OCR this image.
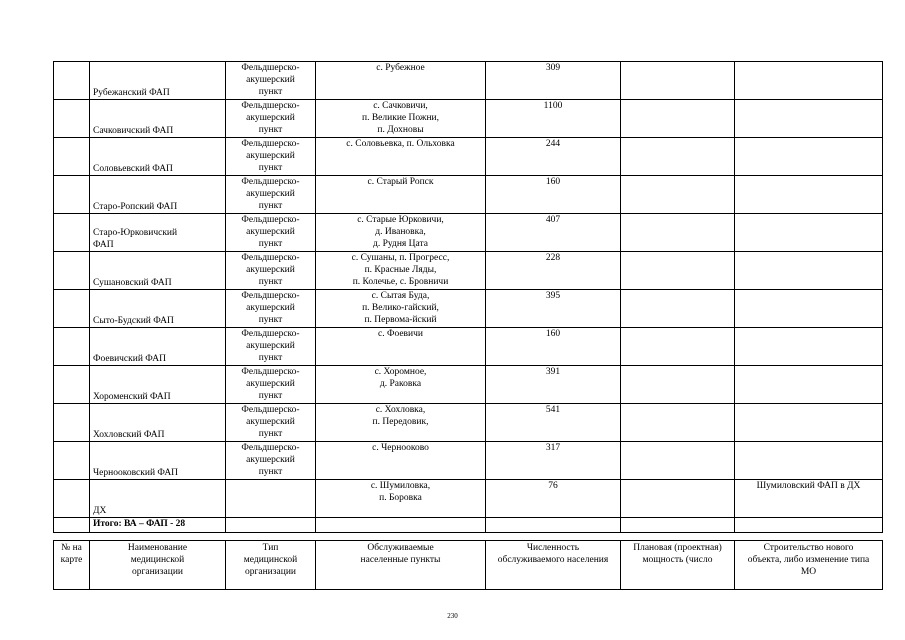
	Рубежанский ФАП	Фельдшерско-
акушерский
пункт	с. Рубежное	309		
	Сачковичский ФАП	Фельдшерско-
акушерский
пункт	с. Сачковичи,
п. Великие Пожни,
п. Дохновы	1100		
	Соловьевский ФАП	Фельдшерско-
акушерский
пункт	с. Соловьевка, п. Ольховка	244		
	Старо-Ропский ФАП	Фельдшерско-
акушерский
пункт	с. Старый Ропск	160		
	Старо-Юрковичский
ФАП	Фельдшерско-
акушерский
пункт	с. Старые Юрковичи,
д. Ивановка,
д. Рудня Цата	407		
	Сушановский ФАП	Фельдшерско-
акушерский
пункт	с. Сушаны, п. Прогресс,
п. Красные Ляды,
п. Колечье, с. Бровничи	228		
	Сыто-Будский ФАП	Фельдшерско-
акушерский
пункт	с. Сытая Буда,
п. Велико-гайский,
п. Первома-йский	395		
	Фоевичский ФАП	Фельдшерско-
акушерский
пункт	с. Фоевичи	160		
	Хороменский ФАП	Фельдшерско-
акушерский
пункт	с. Хоромное,
д. Раковка	391		
	Хохловский ФАП	Фельдшерско-
акушерский
пункт	с. Хохловка,
п. Передовик,	541		
	Чернооковский ФАП	Фельдшерско-
акушерский
пункт	с. Чернооково	317		
	ДХ		с. Шумиловка,
п. Боровка	76		Шумиловский ФАП в ДХ
	Итого: ВА – ФАП - 28					
№ на
карте	Наименование
медицинской
организации	Тип
медицинской
организации	Обслуживаемые
населенные пункты	Численность
обслуживаемого населения	Плановая (проектная)
мощность (число	Строительство нового
объекта, либо изменение типа
МО
230
